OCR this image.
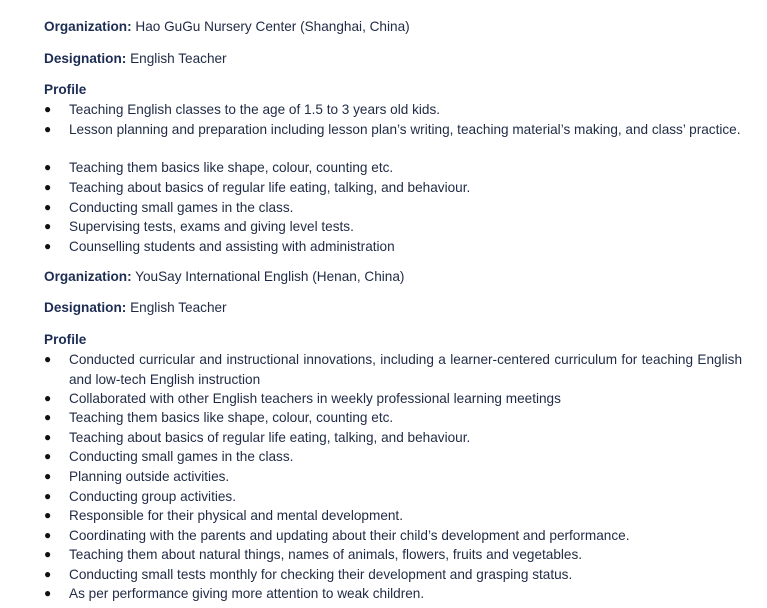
Organization: Hao GuGu Nursery Center (Shanghai, China)
Designation: English Teacher
Profile
●	Teaching English classes to the age of 1.5 to 3 years old kids.
●	Lesson planning and preparation including lesson plan’s writing, teaching material’s making, and class’ practice.
●	Teaching them basics like shape, colour, counting etc.
●	Teaching about basics of regular life eating, talking, and behaviour.
●	Conducting small games in the class.
●	Supervising tests, exams and giving level tests.
●	Counselling students and assisting with administration
Organization: YouSay International English (Henan, China)
Designation: English Teacher
Profile
●	Conducted curricular and instructional innovations, including a learner-centered curriculum for teaching English and low-tech English instruction
●	Collaborated with other English teachers in weekly professional learning meetings
●	Teaching them basics like shape, colour, counting etc.
●	Teaching about basics of regular life eating, talking, and behaviour.
●	Conducting small games in the class.
●	Planning outside activities.
●	Conducting group activities.
●	Responsible for their physical and mental development.
●	Coordinating with the parents and updating about their child’s development and performance.
●	Teaching them about natural things, names of animals, flowers, fruits and vegetables.
●	Conducting small tests monthly for checking their development and grasping status.
●	As per performance giving more attention to weak children.
